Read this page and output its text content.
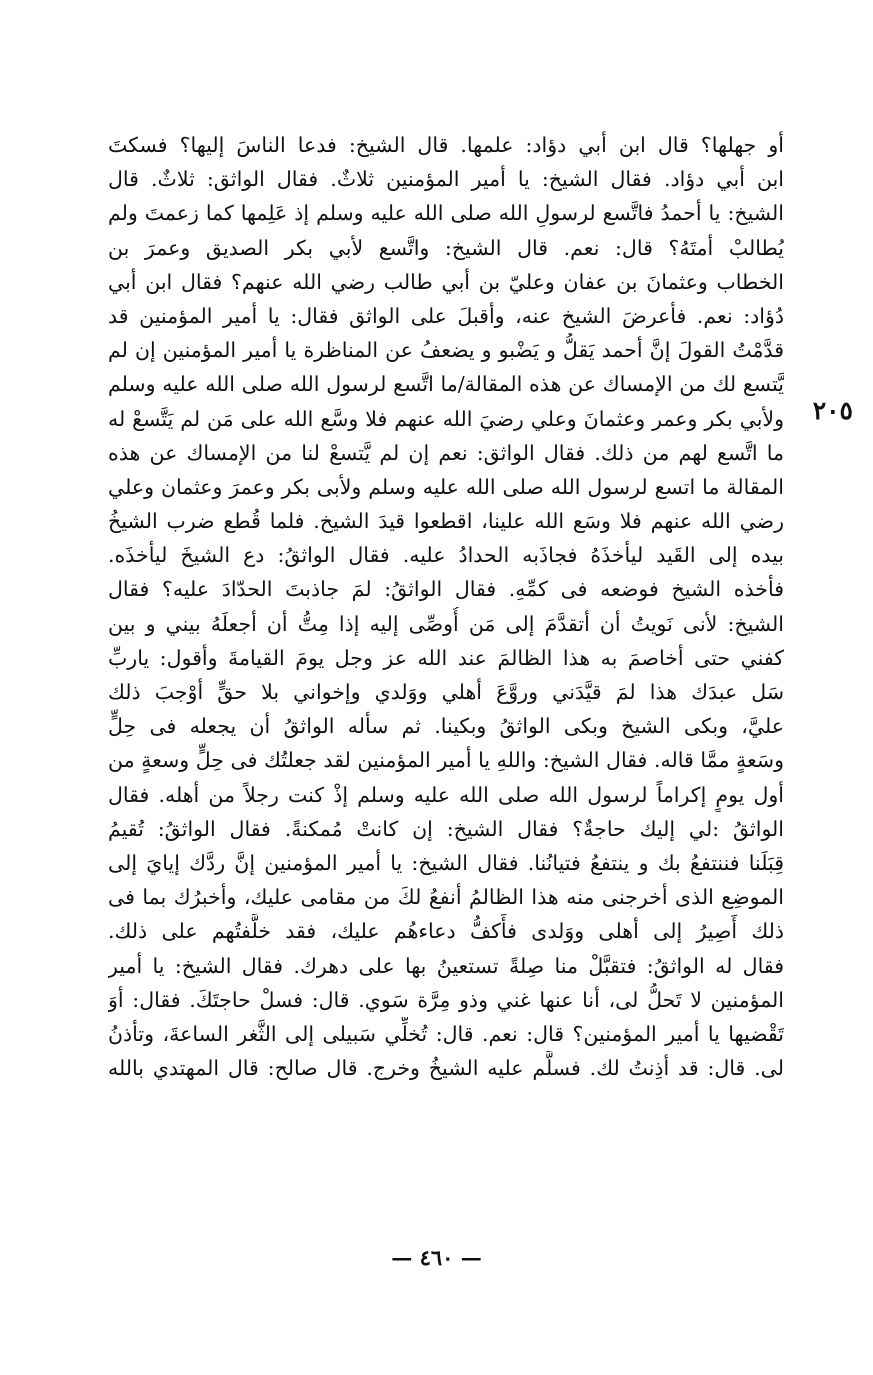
٢٠٥
أو جهلها؟ قال ابن أبي دؤاد: علمها. قال الشيخ: فدعا الناسَ إليها؟ فسكتَ
ابن أبي دؤاد. فقال الشيخ: يا أمير المؤمنين ثلاثٌ. فقال الواثق: ثلاثٌ. قال
الشيخ: يا أحمدُ فاتَّسع لرسولِ الله صلى الله عليه وسلم إذ عَلِمها كما زعمتَ ولم
يُطالبْ أمتَهُ؟ قال: نعم. قال الشيخ: واتَّسع لأبي بكر الصديق وعمرَ بن
الخطاب وعثمانَ بن عفان وعليّ بن أبي طالب رضي الله عنهم؟ فقال ابن أبي
دُؤاد: نعم. فأعرضَ الشيخ عنه، وأقبلَ على الواثق فقال: يا أمير المؤمنين قد
قدَّمْتُ القولَ إنَّ أحمد يَقلُّ و يَضْبو و يضعفُ عن المناظرة يا أمير المؤمنين إن لم
يَّتسع لك من الإمساك عن هذه المقالة/ما اتَّسع لرسول الله صلى الله عليه وسلم
ولأبي بكر وعمر وعثمانَ وعلي رضيَ الله عنهم فلا وسَّع الله على مَن لم يَتَّسعْ له
ما اتَّسع لهم من ذلك. فقال الواثق: نعم إن لم يَّتسعْ لنا من الإمساك عن هذه
المقالة ما اتسع لرسول الله صلى الله عليه وسلم ولأبى بكر وعمرَ وعثمان وعلي
رضي الله عنهم فلا وسَع الله علينا، اقطعوا قيدَ الشيخ. فلما قُطع ضرب الشيخُ
بيده إلى القَيد ليأخذَهُ فجاذَبه الحدادُ عليه. فقال الواثقُ: دع الشيخَ ليأخذَه.
فأخذه الشيخ فوضعه فى كمِّهِ. فقال الواثقُ: لمَ جاذبتَ الحدّادَ عليه؟ فقال
الشيخ: لأنى نَويتُ أن أتقدَّمَ إلى مَن أُوصِّى إليه إذا مِتُّ أن أجعلَهُ بيني و بين
كفني حتى أخاصمَ به هذا الظالمَ عند الله عز وجل يومَ القيامةَ وأقول: ياربِّ
سَل عبدَك هذا لمَ قيَّدَني وروَّعَ أهلي ووَلدي وإخواني بلا حقٍّ أوْجبَ ذلك
عليَّ، وبكى الشيخ وبكى الواثقُ وبكينا. ثم سأله الواثقُ أن يجعله فى حِلٍّ
وسَعةٍ ممَّا قاله. فقال الشيخ: واللهِ يا أمير المؤمنين لقد جعلتُك فى حِلٍّ وسعةٍ من
أول يومٍ إكراماً لرسول الله صلى الله عليه وسلم إذْ كنت رجلاً من أهله. فقال
الواثقُ :لي إليك حاجةٌ؟ فقال الشيخ: إن كانتْ مُمكنةً. فقال الواثقُ: تُقيمُ
قِبَلَنا فننتفعُ بك و ينتفعُ فتيانُنا. فقال الشيخ: يا أمير المؤمنين إنَّ ردَّك إيايَ إلى
الموضِع الذى أخرجنى منه هذا الظالمُ أنفعُ لكَ من مقامى عليك، وأخبرُك بما فى
ذلك أَصِيرُ إلى أهلى ووَلدى فأَكفُّ دعاءهُم عليك، فقد خلَّفتُهم على ذلك.
فقال له الواثقُ: فتقبَّلْ منا صِلةً تستعينُ بها على دهرك. فقال الشيخ: يا أمير
المؤمنين لا تَحلُّ لى، أنا عنها غني وذو مِرَّة سَوي. قال: فسلْ حاجتَكَ. فقال: أوَ
تَقْضيها يا أمير المؤمنين؟ قال: نعم. قال: تُخلِّي سَبيلى إلى الثَّغر الساعةَ، وتأذنُ
لى. قال: قد أذِنتُ لك. فسلَّم عليه الشيخُ وخرج. قال صالح: قال المهتدي بالله
— ٤٦٠ —
